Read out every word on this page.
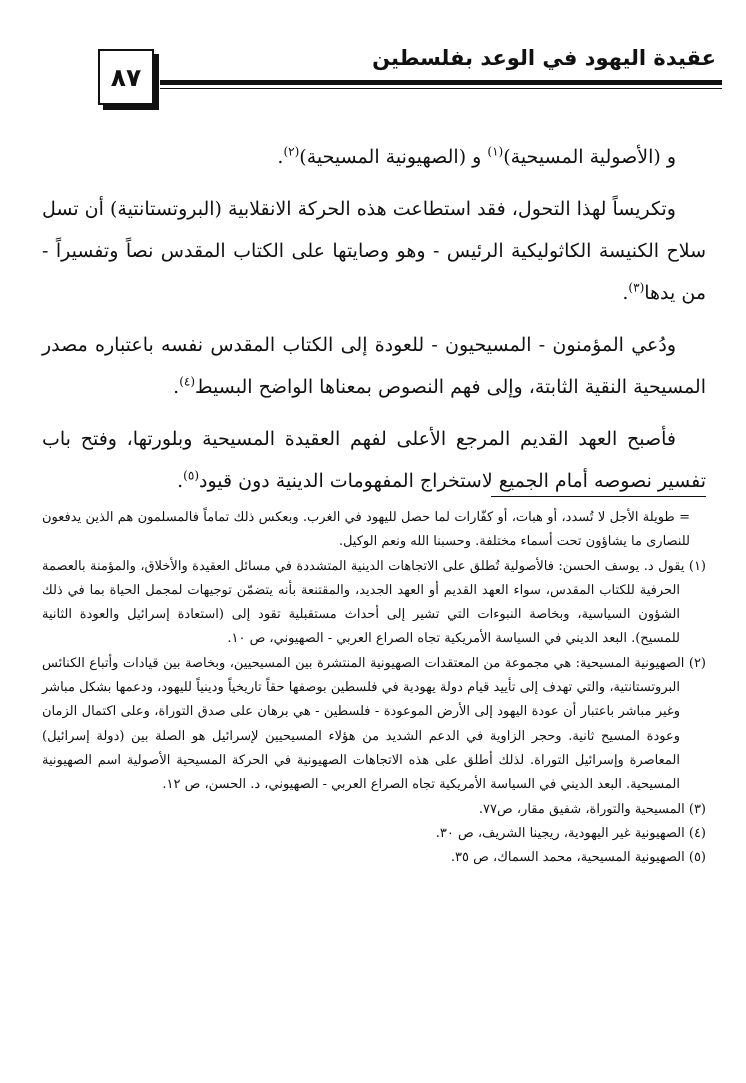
عقيدة اليهود في الوعد بفلسطين
٨٧

و (الأصولية المسيحية)$^{(١)}$ و (الصهيونية المسيحية)$^{(٢)}$.

وتكريساً لهذا التحول، فقد استطاعت هذه الحركة الانقلابية (البروتستانتية) أن تسل سلاح الكنيسة الكاثوليكية الرئيس - وهو وصايتها على الكتاب المقدس نصاً وتفسيراً - من يدها$^{(٣)}$.

ودُعي المؤمنون - المسيحيون - للعودة إلى الكتاب المقدس نفسه باعتباره مصدر المسيحية النقية الثابتة، وإلى فهم النصوص بمعناها الواضح البسيط$^{(٤)}$.

فأصبح العهد القديم المرجع الأعلى لفهم العقيدة المسيحية وبلورتها، وفتح باب تفسير نصوصه أمام الجميع لاستخراج المفهومات الدينية دون قيود$^{(٥)}$.

= طويلة الأجل لا تُسدد، أو هبات، أو كفّارات لما حصل لليهود في الغرب. وبعكس ذلك تماماً فالمسلمون هم الذين يدفعون للنصارى ما يشاؤون تحت أسماء مختلفة. وحسبنا الله ونعم الوكيل.

(١) يقول د. يوسف الحسن: فالأصولية تُطلق على الاتجاهات الدينية المتشددة في مسائل العقيدة والأخلاق، والمؤمنة بالعصمة الحرفية للكتاب المقدس، سواء العهد القديم أو العهد الجديد، والمقتنعة بأنه يتضمّن توجيهات لمجمل الحياة بما في ذلك الشؤون السياسية، وبخاصة النبوءات التي تشير إلى أحداث مستقبلية تقود إلى (استعادة إسرائيل والعودة الثانية للمسيح). البعد الديني في السياسة الأمريكية تجاه الصراع العربي - الصهيوني، ص ١٠.

(٢) الصهيونية المسيحية: هي مجموعة من المعتقدات الصهيونية المنتشرة بين المسيحيين، وبخاصة بين قيادات وأتباع الكنائس البروتستانتية، والتي تهدف إلى تأييد قيام دولة يهودية في فلسطين بوصفها حقاً تاريخياً ودينياً لليهود، ودعمها بشكل مباشر وغير مباشر باعتبار أن عودة اليهود إلى الأرض الموعودة - فلسطين - هي برهان على صدق التوراة، وعلى اكتمال الزمان وعودة المسيح ثانية. وحجر الزاوية في الدعم الشديد من هؤلاء المسيحيين لإسرائيل هو الصلة بين (دولة إسرائيل) المعاصرة وإسرائيل التوراة. لذلك أطلق على هذه الاتجاهات الصهيونية في الحركة المسيحية الأصولية اسم الصهيونية المسيحية. البعد الديني في السياسة الأمريكية تجاه الصراع العربي - الصهيوني، د. الحسن، ص ١٢.

(٣) المسيحية والتوراة، شفيق مقار، ص٧٧.

(٤) الصهيونية غير اليهودية، ريجينا الشريف، ص ٣٠.

(٥) الصهيونية المسيحية، محمد السماك، ص ٣٥.
